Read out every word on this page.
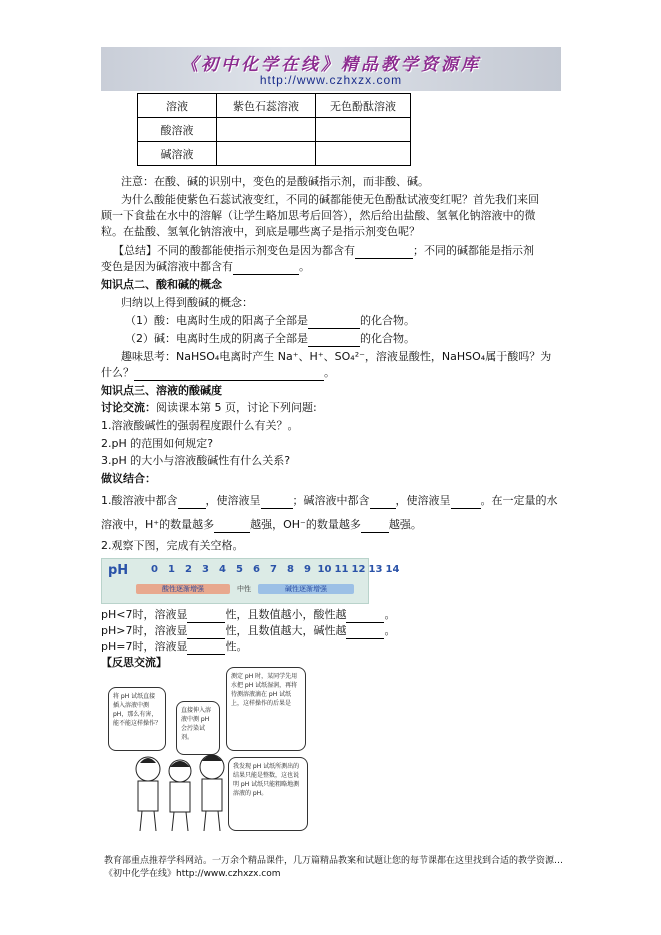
《初中化学在线》精品教学资源库
http://www.czhxzx.com
溶液	紫色石蕊溶液	无色酚酞溶液
酸溶液		
碱溶液		
注意：在酸、碱的识别中，变色的是酸碱指示剂，而非酸、碱。
为什么酸能使紫色石蕊试液变红，不同的碱都能使无色酚酞试液变红呢？首先我们来回
顾一下食盐在水中的溶解（让学生略加思考后回答），然后给出盐酸、氢氧化钠溶液中的微
粒。在盐酸、氢氧化钠溶液中，到底是哪些离子是指示剂变色呢？
【总结】不同的酸都能使指示剂变色是因为都含有	；不同的碱都能是指示剂
变色是因为碱溶液中都含有	。
知识点二、酸和碱的概念
归纳以上得到酸碱的概念：
（1）酸：电离时生成的阳离子全部是	的化合物。
（2）碱：电离时生成的阴离子全部是	的化合物。
趣味思考：NaHSO₄电离时产生 Na⁺、H⁺、SO₄²⁻，溶液显酸性，NaHSO₄属于酸吗？为
什么？	。
知识点三、溶液的酸碱度
讨论交流：阅读课本第 5 页，讨论下列问题:
1.溶液酸碱性的强弱程度跟什么有关？。
2.pH 的范围如何规定?
3.pH 的大小与溶液酸碱性有什么关系?
做议结合：
1.酸溶液中都含	，使溶液呈	；碱溶液中都含 ，使溶液呈	。在一定量的水
溶液中，H⁺的数量越多	越强，OH⁻的数量越多	越强。
2.观察下图，完成有关空格。
pH	0	1	2	3	4	5	6	7	8	9 10 11 12 13 14
酸性逐渐增强	中性	碱性逐渐增强
pH<7时，溶液显	性，且数值越小，酸性越	。
pH>7时，溶液显	性，且数值越大，碱性越	。
pH=7时，溶液显	性。
【反思交流】
将 pH 试纸直接插入溶液中测 pH，那么有害，能不能这样操作？
直接伸入溶液中测 pH 会污染试剂。
测定 pH 时，某同学先用水把 pH 试纸湿润，再将待测溶液滴在 pH 试纸上，这样操作的后果是
我发现 pH 试纸所测出的结果只能是整数，这也说明 pH 试纸只能粗略地测溶液的 pH。
教育部重点推荐学科网站。一万余个精品课件，几万篇精品教案和试题让您的每节课都在这里找到合适的教学资源…《初中化学在线》http://www.czhxzx.com
